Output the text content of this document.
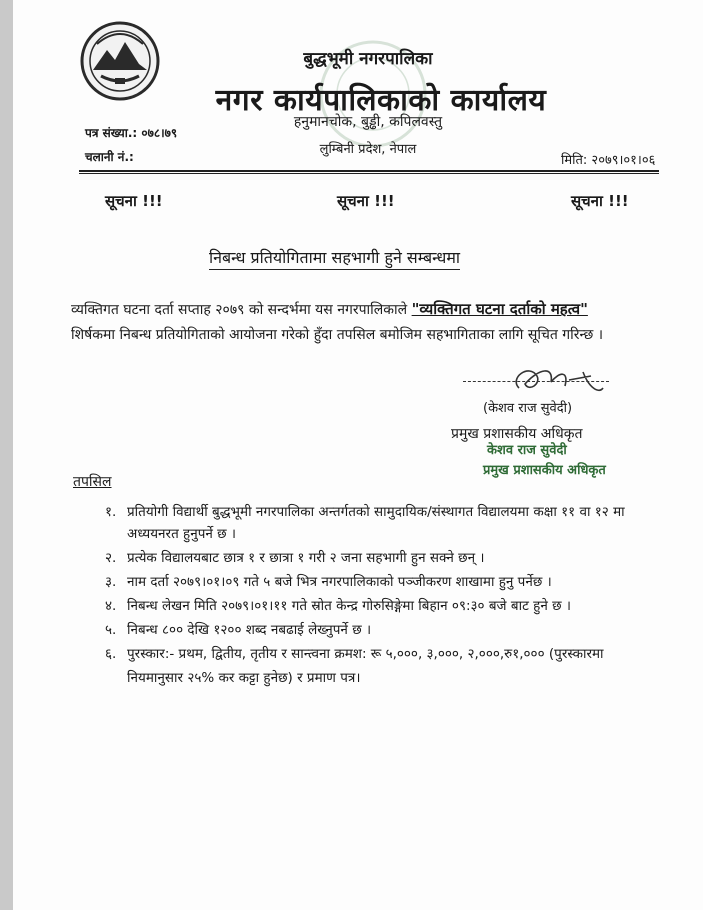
बुद्धभूमी नगरपालिका
नगर कार्यपालिकाको कार्यालय
हनुमानचोक, बुड्ढी, कपिलवस्तु
लुम्बिनी प्रदेश, नेपाल
पत्र संख्या.: ०७८।७९
चलानी नं.:	मिति: २०७९।०१।०६
सूचना !!!	सूचना !!!	सूचना !!!
निबन्ध प्रतियोगितामा सहभागी हुने सम्बन्धमा
व्यक्तिगत घटना दर्ता सप्ताह २०७९ को सन्दर्भमा यस नगरपालिकाले "व्यक्तिगत घटना दर्ताको महत्व"
शिर्षकमा निबन्ध प्रतियोगिताको आयोजना गरेको हुँदा तपसिल बमोजिम सहभागिताका लागि सूचित गरिन्छ ।
(केशव राज सुवेदी)
प्रमुख प्रशासकीय अधिकृत
केशव राज सुवेदी
प्रमुख प्रशासकीय अधिकृत
तपसिल
१. प्रतियोगी विद्यार्थी बुद्धभूमी नगरपालिका अन्तर्गतको सामुदायिक/संस्थागत विद्यालयमा कक्षा ११ वा १२ मा
अध्ययनरत हुनुपर्ने छ ।
२. प्रत्येक विद्यालयबाट छात्र १ र छात्रा १ गरी २ जना सहभागी हुन सक्ने छन् ।
३. नाम दर्ता २०७९।०१।०९ गते ५ बजे भित्र नगरपालिकाको पञ्जीकरण शाखामा हुनु पर्नेछ ।
४. निबन्ध लेखन मिति २०७९।०१।११ गते स्रोत केन्द्र गोरुसिङ्गेमा बिहान ०९:३० बजे बाट हुने छ ।
५. निबन्ध ८०० देखि १२०० शब्द नबढाई लेख्नुपर्ने छ ।
६. पुरस्कार:- प्रथम, द्वितीय, तृतीय र सान्त्वना क्रमश: रू ५,०००, ३,०००, २,०००,रु१,००० (पुरस्कारमा
नियमानुसार २५% कर कट्टा हुनेछ) र प्रमाण पत्र।
